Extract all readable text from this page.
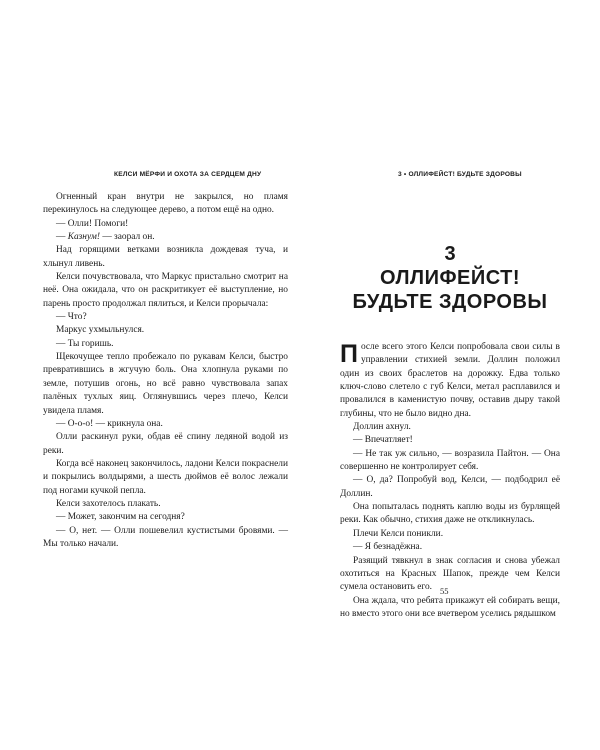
КЕЛСИ МЁРФИ И ОХОТА ЗА СЕРДЦЕМ ДНУ	3 • ОЛЛИФЕЙСТ! БУДЬТЕ ЗДОРОВЫ

Огненный кран внутри не закрылся, но пламя перекинулось на следующее дерево, а потом ещё на одно.

— Олли! Помоги!

— Казнум! — заорал он.

Над горящими ветками возникла дождевая туча, и хлынул ливень.

Келси почувствовала, что Маркус пристально смотрит на неё. Она ожидала, что он раскритикует её выступление, но парень просто продолжал пялиться, и Келси прорычала:

— Что?

Маркус ухмыльнулся.

— Ты горишь.

Щекочущее тепло пробежало по рукавам Келси, быстро превратившись в жгучую боль. Она хлопнула руками по земле, потушив огонь, но всё равно чувствовала запах палёных тухлых яиц. Оглянувшись через плечо, Келси увидела пламя.

— О-о-о! — крикнула она.

Олли раскинул руки, обдав её спину ледяной водой из реки.

Когда всё наконец закончилось, ладони Келси покраснели и покрылись волдырями, а шесть дюймов её волос лежали под ногами кучкой пепла.

Келси захотелось плакать.

— Может, закончим на сегодня?

— О, нет. — Олли пошевелил кустистыми бровями. — Мы только начали.

3
ОЛЛИФЕЙСТ! БУДЬТЕ ЗДОРОВЫ

После всего этого Келси попробовала свои силы в управлении стихией земли. Доллин положил один из своих браслетов на дорожку. Едва только ключ-слово слетело с губ Келси, метал расплавился и провалился в каменистую почву, оставив дыру такой глубины, что не было видно дна.

Доллин ахнул.

— Впечатляет!

— Не так уж сильно, — возразила Пайтон. — Она совершенно не контролирует себя.

— О, да? Попробуй вод, Келси, — подбодрил её Доллин.

Она попыталась поднять каплю воды из бурлящей реки. Как обычно, стихия даже не откликнулась.

Плечи Келси поникли.

— Я безнадёжна.

Разящий тявкнул в знак согласия и снова убежал охотиться на Красных Шапок, прежде чем Келси сумела остановить его.

Она ждала, что ребята прикажут ей собирать вещи, но вместо этого они все вчетвером уселись рядышком

55
